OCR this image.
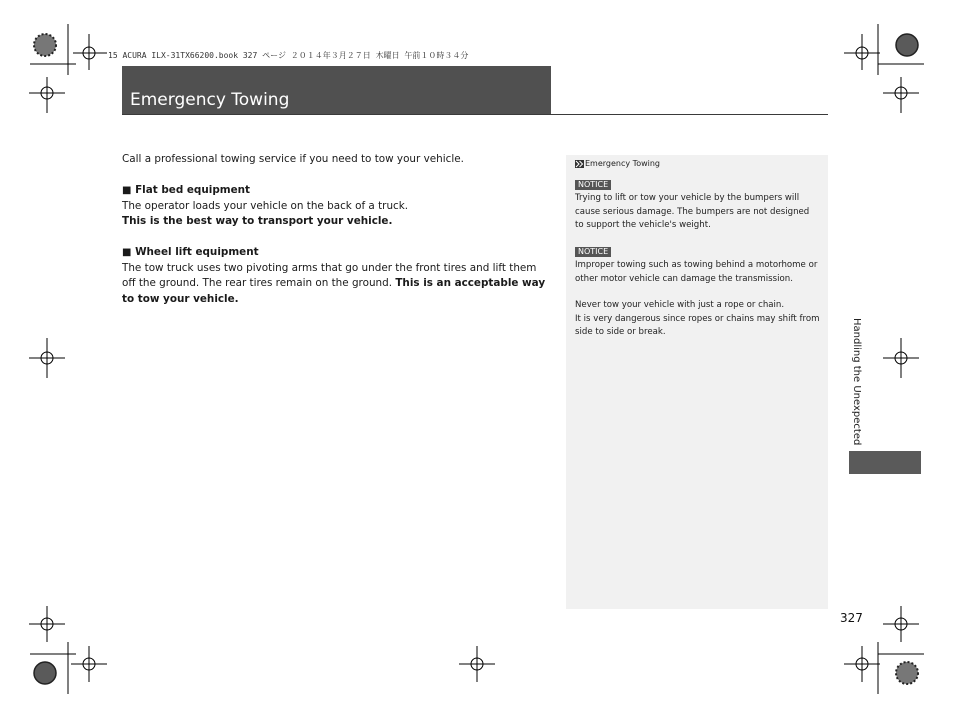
15 ACURA ILX-31TX66200.book 327 ページ ２０１４年３月２７日 木曜日 午前１０時３４分
Emergency Towing

Call a professional towing service if you need to tow your vehicle.

■ Flat bed equipment

The operator loads your vehicle on the back of a truck.

This is the best way to transport your vehicle.

■ Wheel lift equipment

The tow truck uses two pivoting arms that go under the front tires and lift them off the ground. The rear tires remain on the ground. This is an acceptable way to tow your vehicle.

Emergency Towing
NOTICE

Trying to lift or tow your vehicle by the bumpers will cause serious damage. The bumpers are not designed to support the vehicle's weight.

NOTICE

Improper towing such as towing behind a motorhome or other motor vehicle can damage the transmission.

Never tow your vehicle with just a rope or chain.

It is very dangerous since ropes or chains may shift from side to side or break.	Handling the Unexpected
327
